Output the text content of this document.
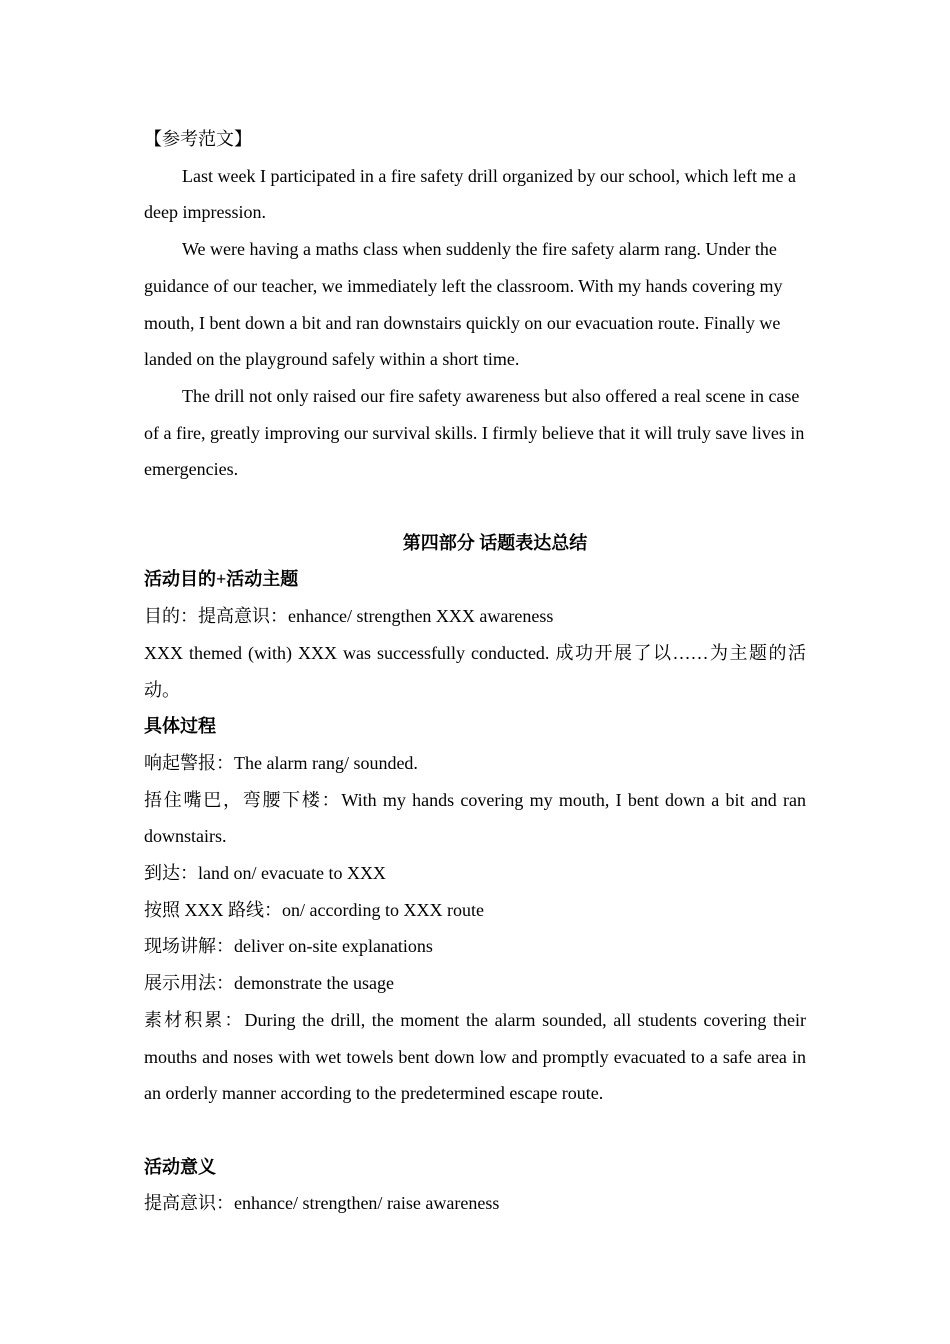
【参考范文】

Last week I participated in a fire safety drill organized by our school, which left me a deep impression.

We were having a maths class when suddenly the fire safety alarm rang. Under the guidance of our teacher, we immediately left the classroom. With my hands covering my mouth, I bent down a bit and ran downstairs quickly on our evacuation route. Finally we landed on the playground safely within a short time.

The drill not only raised our fire safety awareness but also offered a real scene in case of a fire, greatly improving our survival skills. I firmly believe that it will truly save lives in emergencies.

第四部分 话题表达总结

活动目的+活动主题

目的：提高意识：enhance/ strengthen XXX awareness

XXX themed (with) XXX was successfully conducted. 成功开展了以……为主题的活动。

具体过程

响起警报：The alarm rang/ sounded.

捂住嘴巴，弯腰下楼：With my hands covering my mouth, I bent down a bit and ran downstairs.

到达：land on/ evacuate to XXX

按照 XXX 路线：on/ according to XXX route

现场讲解：deliver on-site explanations

展示用法：demonstrate the usage

素材积累：During the drill, the moment the alarm sounded, all students covering their mouths and noses with wet towels bent down low and promptly evacuated to a safe area in an orderly manner according to the predetermined escape route.

活动意义

提高意识：enhance/ strengthen/ raise awareness
